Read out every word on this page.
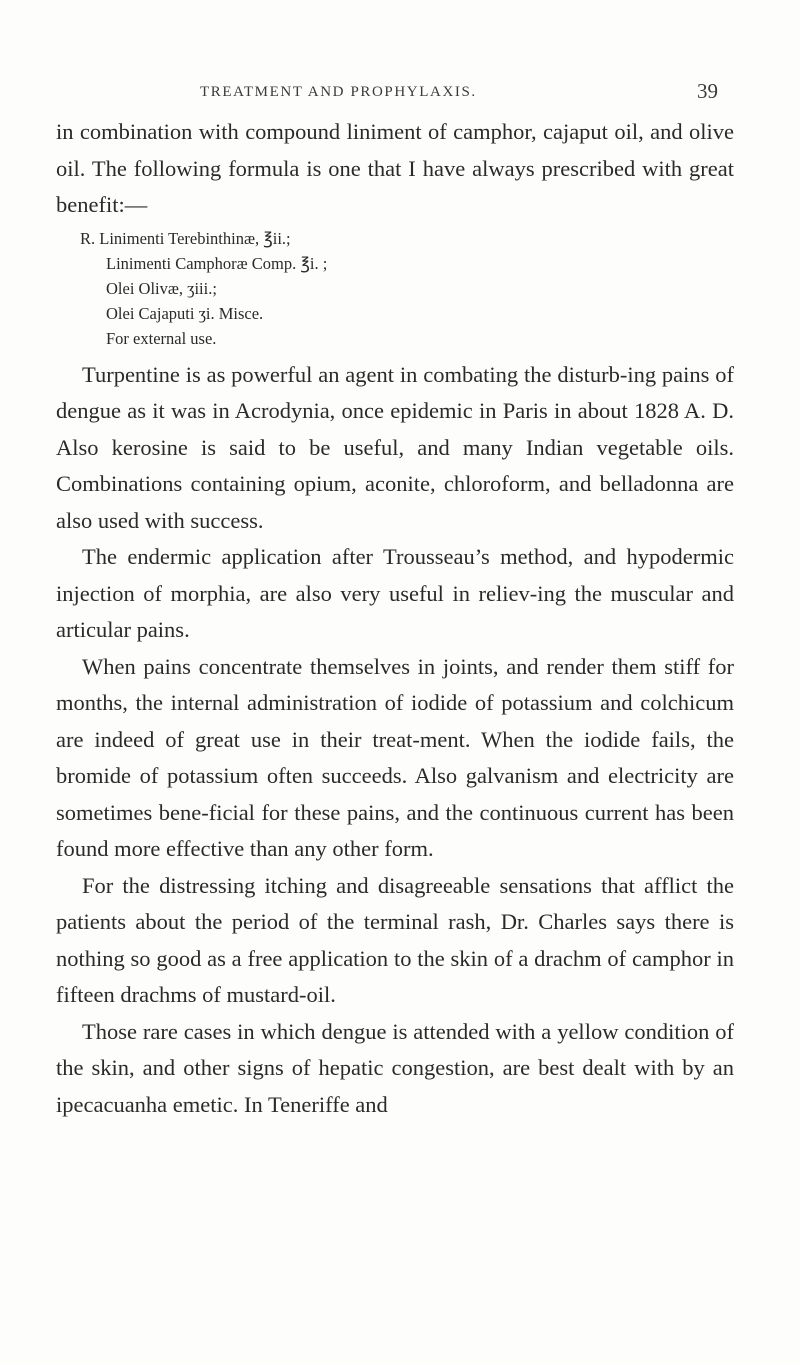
TREATMENT AND PROPHYLAXIS.	39

in combination with compound liniment of camphor, cajaput oil, and olive oil. The following formula is one that I have always prescribed with great benefit:—

R. Linimenti Terebinthinæ, ℥ii.;
Linimenti Camphoræ Comp. ℥i. ;
Olei Olivæ, ʒiii.;
Olei Cajaputi ʒi. Misce.
For external use.

Turpentine is as powerful an agent in combating the disturb-ing pains of dengue as it was in Acrodynia, once epidemic in Paris in about 1828 A. D. Also kerosine is said to be useful, and many Indian vegetable oils. Combinations containing opium, aconite, chloroform, and belladonna are also used with success.

The endermic application after Trousseau’s method, and hypodermic injection of morphia, are also very useful in reliev-ing the muscular and articular pains.

When pains concentrate themselves in joints, and render them stiff for months, the internal administration of iodide of potassium and colchicum are indeed of great use in their treat-ment. When the iodide fails, the bromide of potassium often succeeds. Also galvanism and electricity are sometimes bene-ficial for these pains, and the continuous current has been found more effective than any other form.

For the distressing itching and disagreeable sensations that afflict the patients about the period of the terminal rash, Dr. Charles says there is nothing so good as a free application to the skin of a drachm of camphor in fifteen drachms of mustard-oil.

Those rare cases in which dengue is attended with a yellow condition of the skin, and other signs of hepatic congestion, are best dealt with by an ipecacuanha emetic. In Teneriffe and
